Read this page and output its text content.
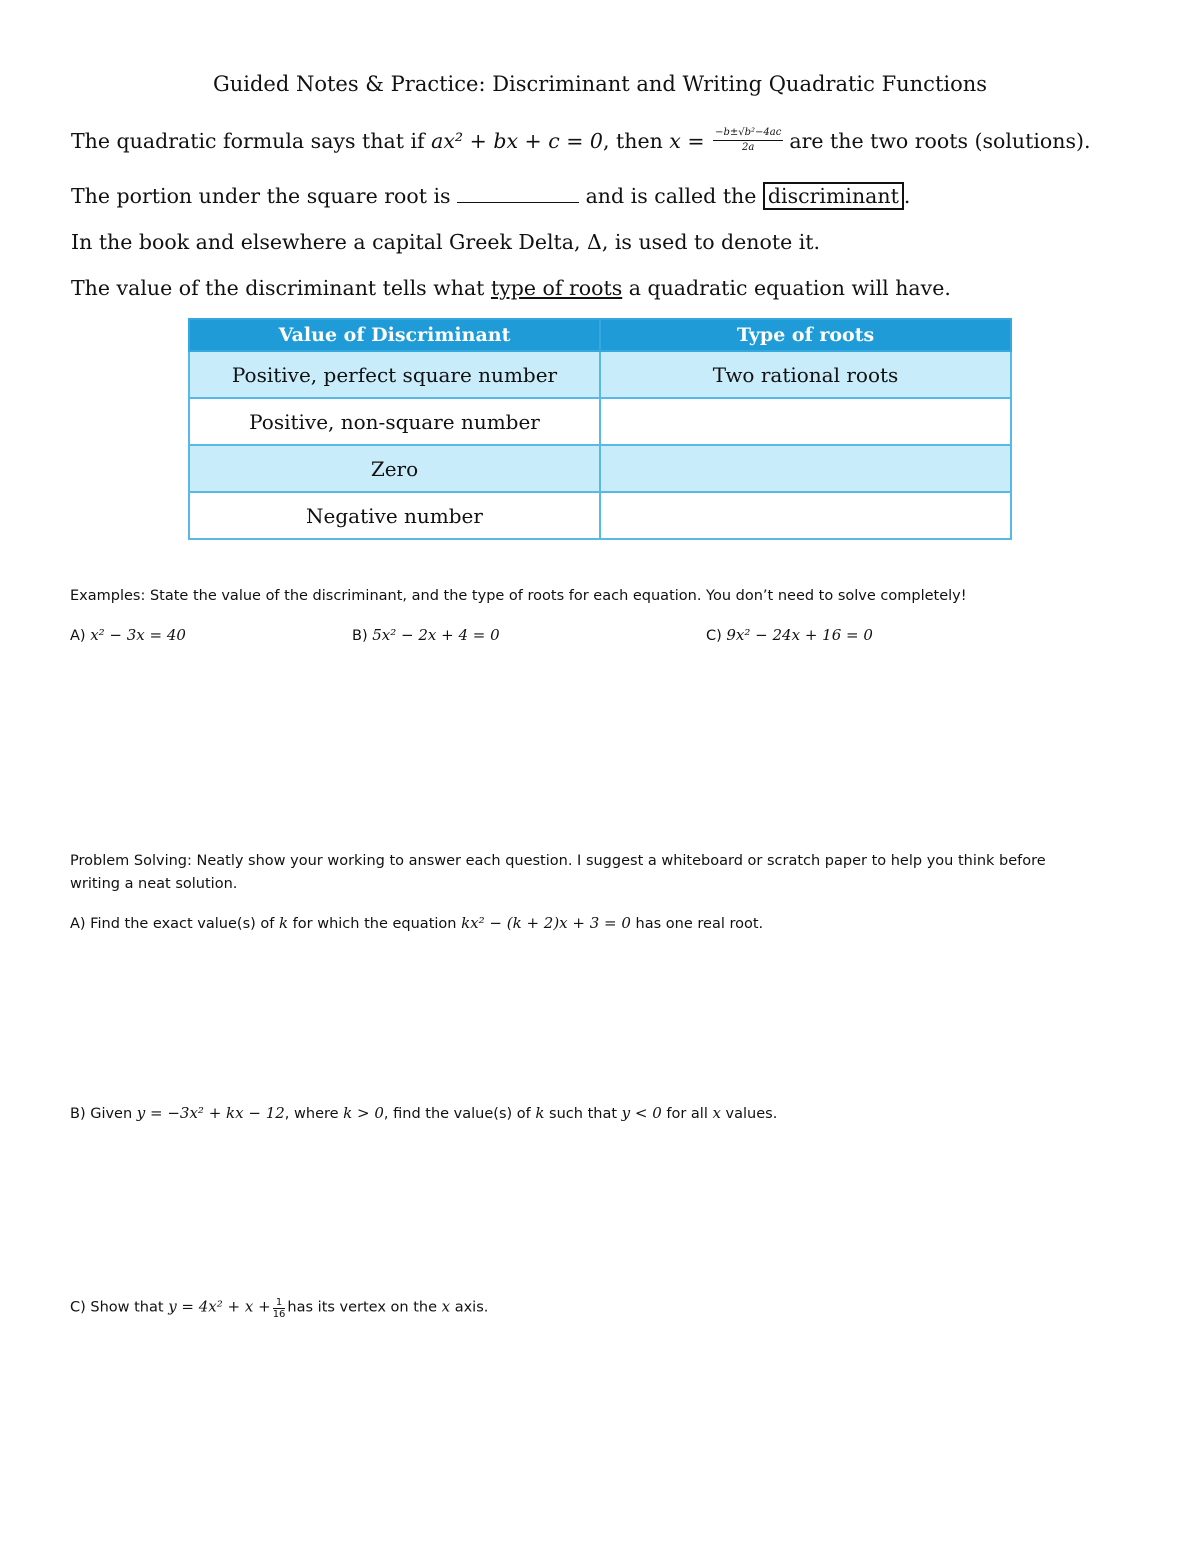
Guided Notes & Practice: Discriminant and Writing Quadratic Functions
The quadratic formula says that if ax² + bx + c = 0, then $x = \frac{\text{−b±√b²−4ac}}{2a}$ are the two roots (solutions).
The portion under the square root is	and is called the discriminant .
In the book and elsewhere a capital Greek Delta, Δ, is used to denote it.
The value of the discriminant tells what type of roots a quadratic equation will have.
Value of Discriminant	Type of roots
Positive, perfect square number	Two rational roots
Positive, non-square number	
Zero	
Negative number	
Examples: State the value of the discriminant, and the type of roots for each equation. You don’t need to solve completely!
A) x² − 3x = 40	B) 5x² − 2x + 4 = 0	C) 9x² − 24x + 16 = 0
Problem Solving: Neatly show your working to answer each question. I suggest a whiteboard or scratch paper to help you think before
writing a neat solution.
A) Find the exact value(s) of k for which the equation kx² − (k + 2)x + 3 = 0 has one real root.
B) Given y = −3x² + kx − 12, where k > 0, find the value(s) of k such that y < 0 for all x values.
C) Show that $y = 4x^2 + x + \frac{1}{16}$ has its vertex on the x axis.
